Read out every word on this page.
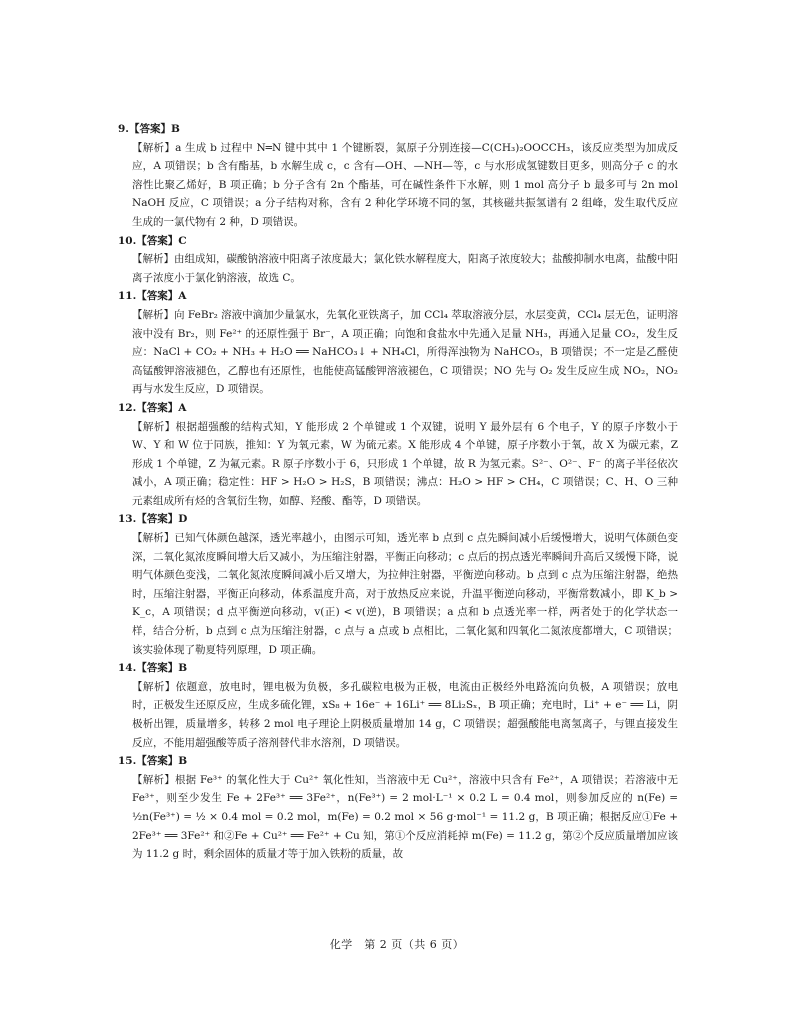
9.【答案】B

【解析】a 生成 b 过程中 N═N 键中其中 1 个键断裂，氮原子分别连接—C(CH₃)₂OOCCH₃，该反应类型为加成反应，A 项错误；b 含有酯基，b 水解生成 c，c 含有—OH、—NH—等，c 与水形成氢键数目更多，则高分子 c 的水溶性比聚乙烯好，B 项正确；b 分子含有 2n 个酯基，可在碱性条件下水解，则 1 mol 高分子 b 最多可与 2n mol NaOH 反应，C 项错误；a 分子结构对称，含有 2 种化学环境不同的氢，其核磁共振氢谱有 2 组峰，发生取代反应生成的一氯代物有 2 种，D 项错误。

10.【答案】C

【解析】由组成知，碳酸钠溶液中阳离子浓度最大；氯化铁水解程度大，阳离子浓度较大；盐酸抑制水电离，盐酸中阳离子浓度小于氯化钠溶液，故选 C。

11.【答案】A

【解析】向 FeBr₂ 溶液中滴加少量氯水，先氧化亚铁离子，加 CCl₄ 萃取溶液分层，水层变黄，CCl₄ 层无色，证明溶液中没有 Br₂，则 Fe²⁺ 的还原性强于 Br⁻，A 项正确；向饱和食盐水中先通入足量 NH₃，再通入足量 CO₂，发生反应：NaCl + CO₂ + NH₃ + H₂O ══ NaHCO₃↓ + NH₄Cl，所得浑浊物为 NaHCO₃，B 项错误；不一定是乙醛使高锰酸钾溶液褪色，乙醇也有还原性，也能使高锰酸钾溶液褪色，C 项错误；NO 先与 O₂ 发生反应生成 NO₂，NO₂ 再与水发生反应，D 项错误。

12.【答案】A

【解析】根据超强酸的结构式知，Y 能形成 2 个单键或 1 个双键，说明 Y 最外层有 6 个电子，Y 的原子序数小于 W、Y 和 W 位于同族，推知：Y 为氧元素，W 为硫元素。X 能形成 4 个单键，原子序数小于氧，故 X 为碳元素，Z 形成 1 个单键，Z 为氟元素。R 原子序数小于 6，只形成 1 个单键，故 R 为氢元素。S²⁻、O²⁻、F⁻ 的离子半径依次减小，A 项正确；稳定性：HF > H₂O > H₂S，B 项错误；沸点：H₂O > HF > CH₄，C 项错误；C、H、O 三种元素组成所有烃的含氧衍生物，如醇、羟酸、酯等，D 项错误。

13.【答案】D

【解析】已知气体颜色越深，透光率越小，由图示可知，透光率 b 点到 c 点先瞬间减小后缓慢增大，说明气体颜色变深，二氧化氮浓度瞬间增大后又减小，为压缩注射器，平衡正向移动；c 点后的拐点透光率瞬间升高后又缓慢下降，说明气体颜色变浅，二氧化氮浓度瞬间减小后又增大，为拉伸注射器，平衡逆向移动。b 点到 c 点为压缩注射器，绝热时，压缩注射器，平衡正向移动，体系温度升高，对于放热反应来说，升温平衡逆向移动，平衡常数减小，即 K_b > K_c，A 项错误；d 点平衡逆向移动，v(正) < v(逆)，B 项错误；a 点和 b 点透光率一样，两者处于的化学状态一样，结合分析，b 点到 c 点为压缩注射器，c 点与 a 点或 b 点相比，二氧化氮和四氧化二氮浓度都增大，C 项错误；该实验体现了勒夏特列原理，D 项正确。

14.【答案】B

【解析】依题意，放电时，锂电极为负极，多孔碳粒电极为正极，电流由正极经外电路流向负极，A 项错误；放电时，正极发生还原反应，生成多硫化锂，xS₈ + 16e⁻ + 16Li⁺ ══ 8Li₂Sₓ，B 项正确；充电时，Li⁺ + e⁻ ══ Li，阴极析出锂，质量增多，转移 2 mol 电子理论上阴极质量增加 14 g，C 项错误；超强酸能电离氢离子，与锂直接发生反应，不能用超强酸等质子溶剂替代非水溶剂，D 项错误。

15.【答案】B

【解析】根据 Fe³⁺ 的氧化性大于 Cu²⁺ 氧化性知，当溶液中无 Cu²⁺，溶液中只含有 Fe²⁺，A 项错误；若溶液中无 Fe³⁺，则至少发生 Fe + 2Fe³⁺ ══ 3Fe²⁺，n(Fe³⁺) = 2 mol·L⁻¹ × 0.2 L = 0.4 mol，则参加反应的 n(Fe) = ½n(Fe³⁺) = ½ × 0.4 mol = 0.2 mol，m(Fe) = 0.2 mol × 56 g·mol⁻¹ = 11.2 g，B 项正确；根据反应①Fe + 2Fe³⁺ ══ 3Fe²⁺ 和②Fe + Cu²⁺ ══ Fe²⁺ + Cu 知，第①个反应消耗掉 m(Fe) = 11.2 g，第②个反应质量增加应该为 11.2 g 时，剩余固体的质量才等于加入铁粉的质量，故

化学　第 2 页（共 6 页）
